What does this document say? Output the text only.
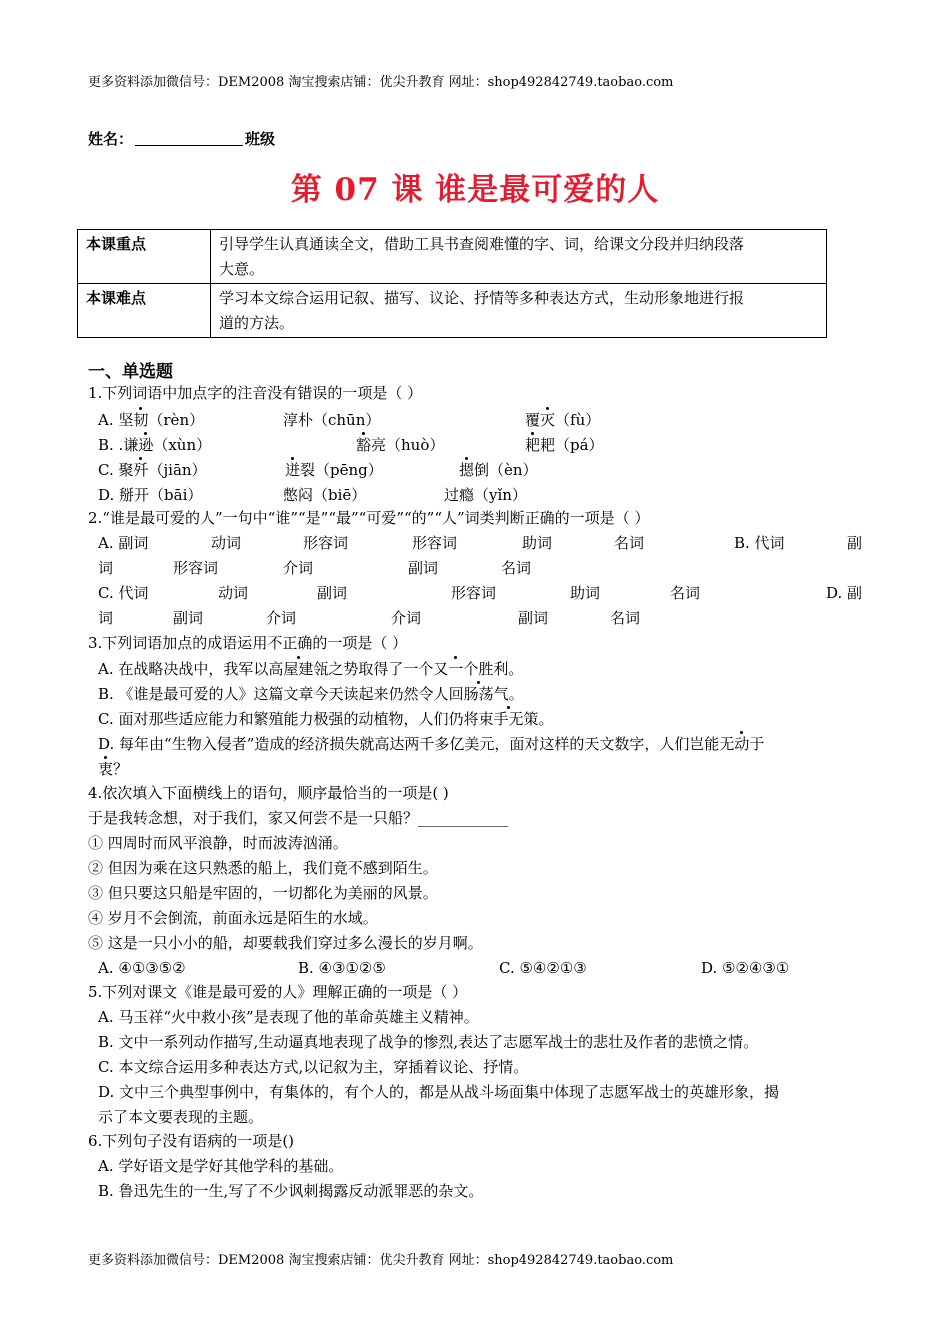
更多资料添加微信号：DEM2008 淘宝搜索店铺：优尖升教育 网址：shop492842749.taobao.com
姓名：	班级
第 07 课 谁是最可爱的人
本课重点	引导学生认真通读全文，借助工具书查阅难懂的字、词，给课文分段并归纳段落
大意。

本课难点	学习本文综合运用记叙、描写、议论、抒情等多种表达方式，生动形象地进行报
道的方法。
一、单选题
1.下列词语中加点字的注音没有错误的一项是（ ）
A. 坚韧（rèn）	淳朴（chūn）	覆灭（fù）
B. .谦逊（xùn）	豁亮（huò）	耙耙（pá）
C. 聚歼（jiān）	迸裂（pēng）	摁倒（èn）
D. 掰开（bāi）	憋闷（biē）	过瘾（yǐn）
2.“谁是最可爱的人”一句中“谁”“是”“最”“可爱”“的”“人”词类判断正确的一项是（ ）
A. 副词	动词	形容词	形容词	助词	名词	B. 代词	副
词	形容词	介词	副词	名词
C. 代词	动词	副词	形容词	助词	名词	D. 副
词	副词	介词	介词	副词	名词
3.下列词语加点的成语运用不正确的一项是（ ）
A. 在战略决战中，我军以高屋建瓴之势取得了一个又一个胜利。
B. 《谁是最可爱的人》这篇文章今天读起来仍然令人回肠荡气。
C. 面对那些适应能力和繁殖能力极强的动植物，人们仍将束手无策。
D. 每年由“生物入侵者”造成的经济损失就高达两千多亿美元，面对这样的天文数字，人们岂能无动于
衷？
4.依次填入下面横线上的语句，顺序最恰当的一项是( )
于是我转念想，对于我们，家又何尝不是一只船？____________
① 四周时而风平浪静，时而波涛汹涌。
② 但因为乘在这只熟悉的船上，我们竟不感到陌生。
③ 但只要这只船是牢固的，一切都化为美丽的风景。
④ 岁月不会倒流，前面永远是陌生的水域。
⑤ 这是一只小小的船，却要载我们穿过多么漫长的岁月啊。
A. ④①③⑤②	B. ④③①②⑤	C. ⑤④②①③	D. ⑤②④③①
5.下列对课文《谁是最可爱的人》理解正确的一项是（ ）
A. 马玉祥“火中救小孩”是表现了他的革命英雄主义精神。
B. 文中一系列动作描写,生动逼真地表现了战争的惨烈,表达了志愿军战士的悲壮及作者的悲愤之情。
C. 本文综合运用多种表达方式,以记叙为主，穿插着议论、抒情。
D. 文中三个典型事例中，有集体的，有个人的，都是从战斗场面集中体现了志愿军战士的英雄形象，揭
示了本文要表现的主题。
6.下列句子没有语病的一项是()
A. 学好语文是学好其他学科的基础。
B. 鲁迅先生的一生,写了不少讽刺揭露反动派罪恶的杂文。
更多资料添加微信号：DEM2008 淘宝搜索店铺：优尖升教育 网址：shop492842749.taobao.com
